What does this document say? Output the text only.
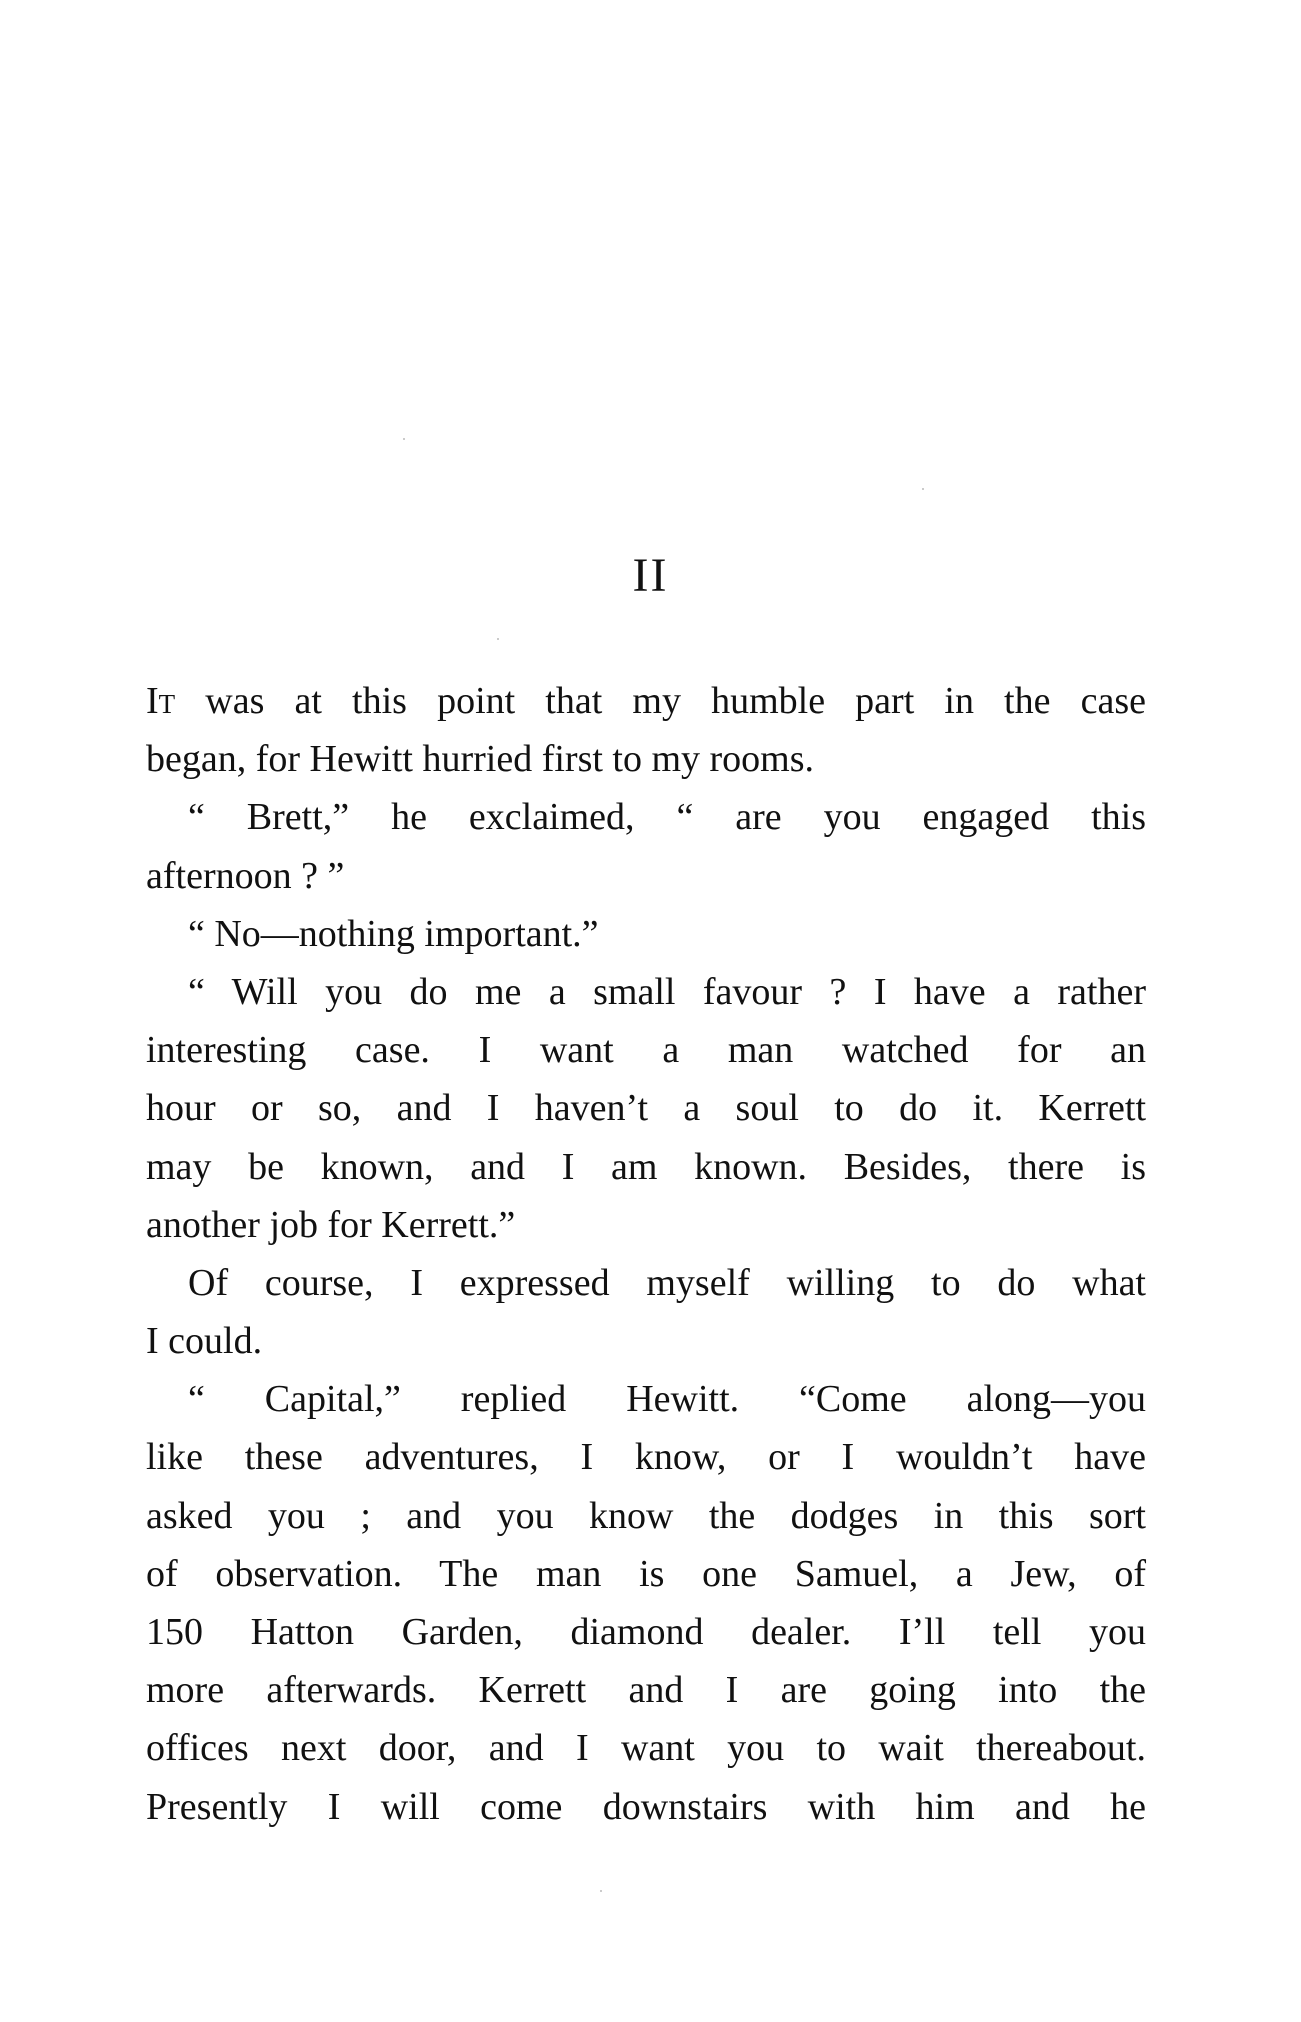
II
It was at this point that my humble part in the case
began, for Hewitt hurried first to my rooms.
“ Brett,” he exclaimed, “ are you engaged this
afternoon ? ”
“ No—nothing important.”
“ Will you do me a small favour ? I have a rather
interesting case. I want a man watched for an
hour or so, and I haven’t a soul to do it. Kerrett
may be known, and I am known. Besides, there is
another job for Kerrett.”
Of course, I expressed myself willing to do what
I could.
“ Capital,” replied Hewitt. “Come along—you
like these adventures, I know, or I wouldn’t have
asked you ; and you know the dodges in this sort
of observation. The man is one Samuel, a Jew, of
150 Hatton Garden, diamond dealer. I’ll tell you
more afterwards. Kerrett and I are going into the
offices next door, and I want you to wait thereabout.
Presently I will come downstairs with him and he
